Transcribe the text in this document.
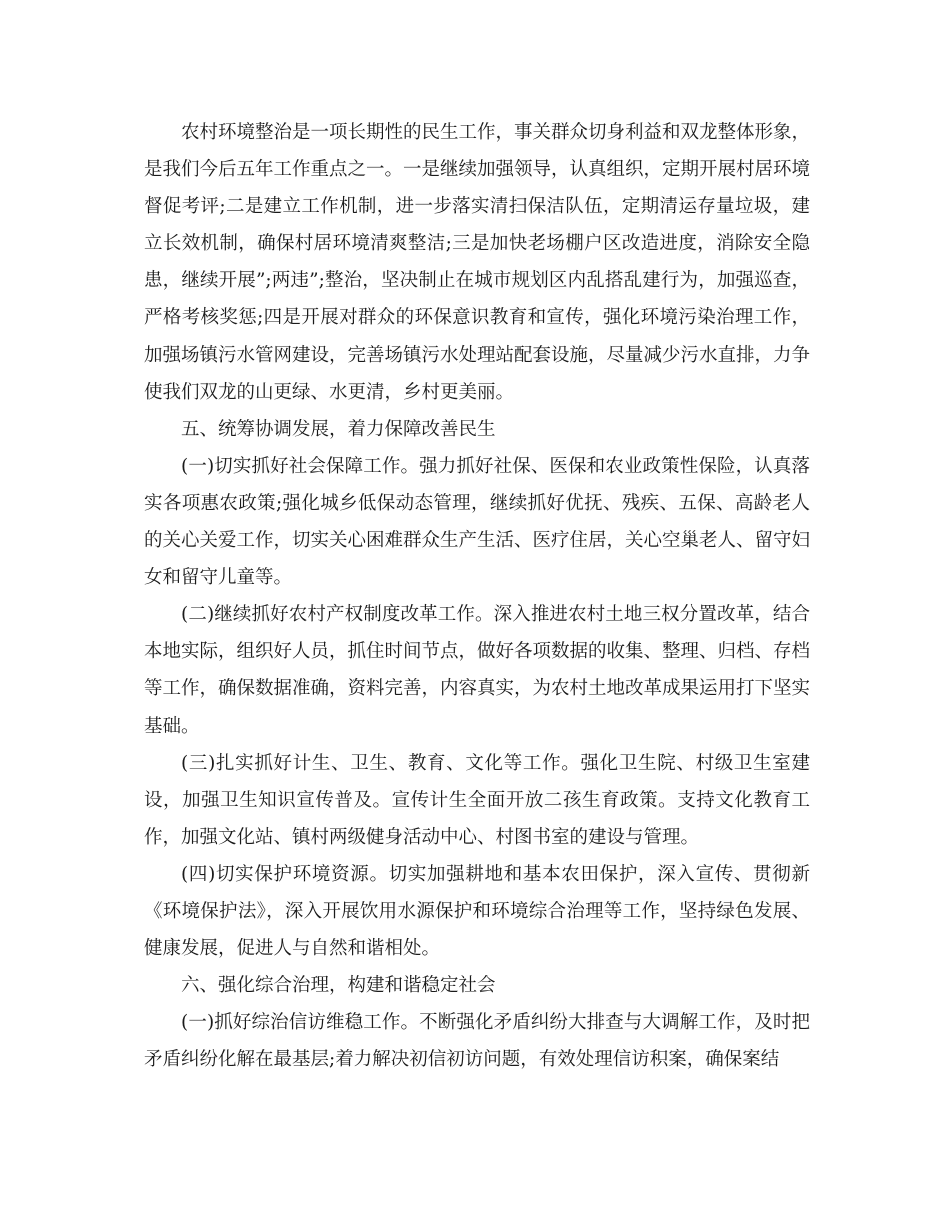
农村环境整治是一项长期性的民生工作，事关群众切身利益和双龙整体形象，是我们今后五年工作重点之一。一是继续加强领导，认真组织，定期开展村居环境督促考评;二是建立工作机制，进一步落实清扫保洁队伍，定期清运存量垃圾，建立长效机制，确保村居环境清爽整洁;三是加快老场棚户区改造进度，消除安全隐患，继续开展”;两违”;整治，坚决制止在城市规划区内乱搭乱建行为，加强巡查，严格考核奖惩;四是开展对群众的环保意识教育和宣传，强化环境污染治理工作，加强场镇污水管网建设，完善场镇污水处理站配套设施，尽量减少污水直排，力争使我们双龙的山更绿、水更清，乡村更美丽。

五、统筹协调发展，着力保障改善民生

(一)切实抓好社会保障工作。强力抓好社保、医保和农业政策性保险，认真落实各项惠农政策;强化城乡低保动态管理，继续抓好优抚、残疾、五保、高龄老人的关心关爱工作，切实关心困难群众生产生活、医疗住居，关心空巢老人、留守妇女和留守儿童等。

(二)继续抓好农村产权制度改革工作。深入推进农村土地三权分置改革，结合本地实际，组织好人员，抓住时间节点，做好各项数据的收集、整理、归档、存档等工作，确保数据准确，资料完善，内容真实，为农村土地改革成果运用打下坚实基础。

(三)扎实抓好计生、卫生、教育、文化等工作。强化卫生院、村级卫生室建设，加强卫生知识宣传普及。宣传计生全面开放二孩生育政策。支持文化教育工作，加强文化站、镇村两级健身活动中心、村图书室的建设与管理。

(四)切实保护环境资源。切实加强耕地和基本农田保护，深入宣传、贯彻新《环境保护法》，深入开展饮用水源保护和环境综合治理等工作，坚持绿色发展、健康发展，促进人与自然和谐相处。

六、强化综合治理，构建和谐稳定社会

(一)抓好综治信访维稳工作。不断强化矛盾纠纷大排查与大调解工作，及时把矛盾纠纷化解在最基层;着力解决初信初访问题，有效处理信访积案，确保案结
